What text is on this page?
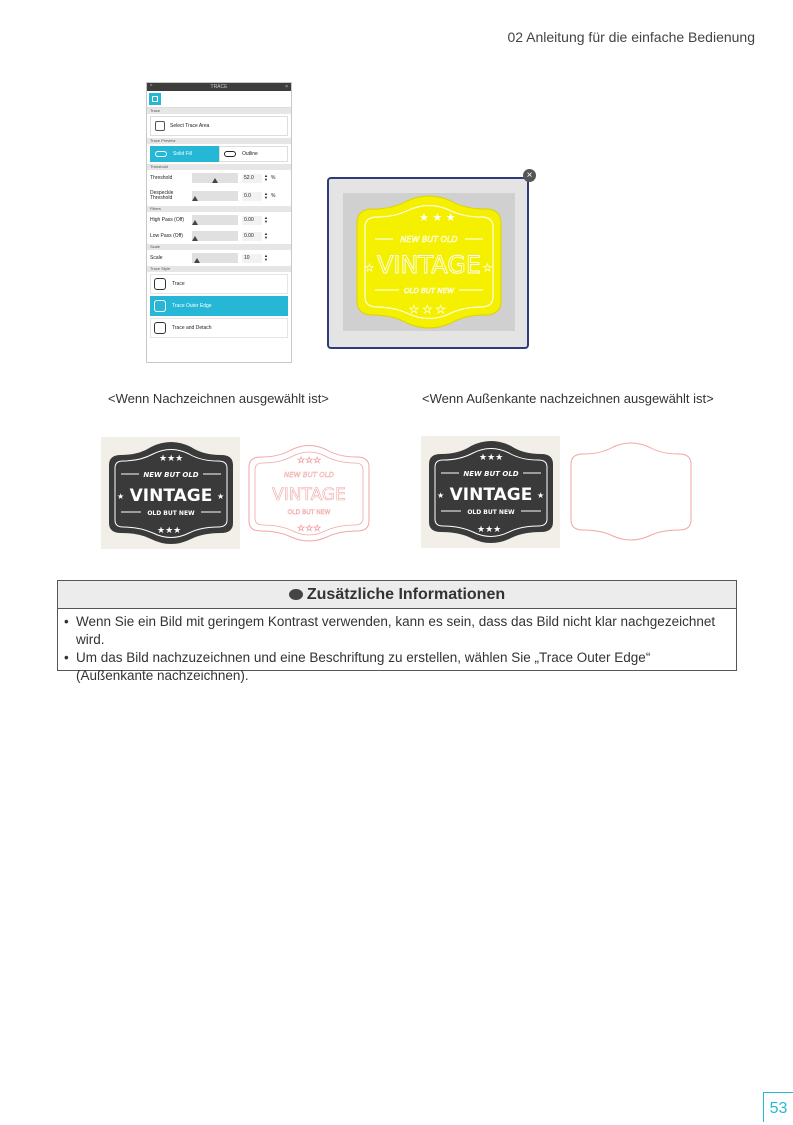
02 Anleitung für die einfache Bedienung
^	TRACE	×
Trace
Select Trace Area
Trace Preview
Solid Fill	Outline
Threshold
Threshold	52.0	▲
▼ %
Despeckle Threshold	0.0	▲
▼ %
Filters
High Pass (Off)	0.00	▲
▼
Low Pass (Off)	0.00	▲
▼
Scale
Scale	10	▲
▼
Trace Style
Trace
Trace Outer Edge
Trace and Detach
★ ★ ★
NEW BUT OLD
VINTAGE
★	★
OLD BUT NEW
★ ★ ★
×
<Wenn Nachzeichnen ausgewählt ist>	<Wenn Außenkante nachzeichnen ausgewählt ist>
★★★
NEW BUT OLD
VINTAGE
★	★
OLD BUT NEW
★★★
☆☆☆
NEW BUT OLD
VINTAGE
OLD BUT NEW
☆☆☆
★★★
NEW BUT OLD
VINTAGE
★	★
OLD BUT NEW
★★★
Zusätzliche Informationen
• Wenn Sie ein Bild mit geringem Kontrast verwenden, kann es sein, dass das Bild nicht klar nachgezeichnet wird.
• Um das Bild nachzuzeichnen und eine Beschriftung zu erstellen, wählen Sie „Trace Outer Edge“ (Außenkante nachzeichnen).
53
